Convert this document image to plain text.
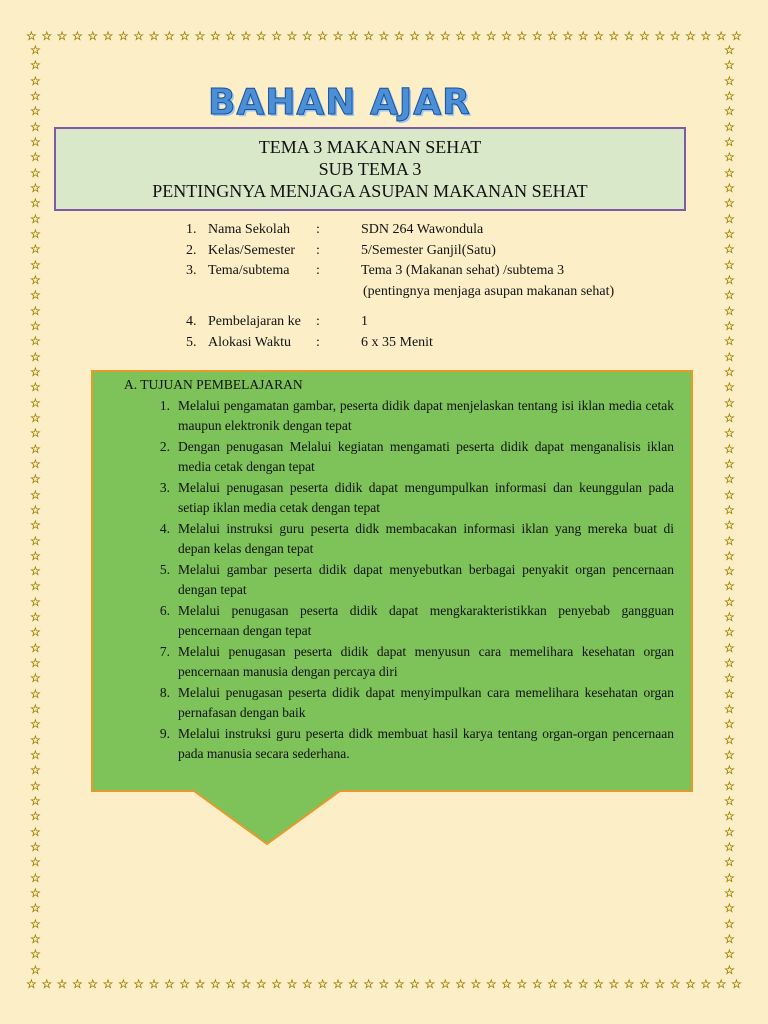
☆ ☆ ☆ ☆ ☆ ☆ ☆ ☆ ☆ ☆ ☆ ☆ ☆ ☆ ☆ ☆ ☆ ☆ ☆ ☆ ☆ ☆ ☆ ☆ ☆ ☆ ☆ ☆ ☆ ☆ ☆ ☆ ☆ ☆ ☆ ☆ ☆ ☆ ☆ ☆ ☆ ☆ ☆ ☆ ☆ ☆ ☆
☆ ☆ ☆ ☆ ☆ ☆ ☆ ☆ ☆ ☆ ☆ ☆ ☆ ☆ ☆ ☆ ☆ ☆ ☆ ☆ ☆ ☆ ☆ ☆ ☆ ☆ ☆ ☆ ☆ ☆ ☆ ☆ ☆ ☆ ☆ ☆ ☆ ☆ ☆ ☆ ☆ ☆ ☆ ☆ ☆ ☆ ☆
☆
☆
☆
☆
☆
☆
☆
☆
☆
☆
☆
☆
☆
☆
☆
☆
☆
☆
☆
☆
☆
☆
☆
☆
☆
☆
☆
☆
☆
☆
☆
☆
☆
☆
☆
☆
☆
☆
☆
☆
☆
☆
☆
☆
☆
☆
☆
☆
☆
☆
☆
☆
☆
☆
☆
☆
☆
☆
☆
☆
☆
☆
☆
☆
☆
☆
☆
☆
☆
☆
☆
☆
☆
☆
☆
☆
☆
☆
☆
☆
☆
☆
☆
☆
☆
☆
☆
☆
☆
☆
☆
☆
☆
☆
☆
☆
☆
☆
☆
☆
☆
☆
☆
☆
☆
☆
☆
☆
☆
☆
☆
☆
☆
☆
☆
☆
☆
☆
☆
☆
☆
☆
BAHAN AJAR
TEMA 3 MAKANAN SEHAT
SUB TEMA 3
PENTINGNYA MENJAGA ASUPAN MAKANAN SEHAT
1. Nama Sekolah	:	SDN 264 Wawondula
2. Kelas/Semester	:	5/Semester Ganjil(Satu)
3. Tema/subtema	:	Tema 3 (Makanan sehat) /subtema 3
(pentingnya menjaga asupan makanan sehat)
4. Pembelajaran ke	:	1
5. Alokasi Waktu	:	6 x 35 Menit
A. TUJUAN PEMBELAJARAN
1. Melalui pengamatan gambar, peserta didik dapat menjelaskan tentang isi iklan media cetak maupun elektronik dengan tepat
2. Dengan penugasan Melalui kegiatan mengamati peserta didik dapat menganalisis iklan media cetak dengan tepat
3. Melalui penugasan peserta didik dapat mengumpulkan informasi dan keunggulan pada setiap iklan media cetak dengan tepat
4. Melalui instruksi guru peserta didk membacakan informasi iklan yang mereka buat di depan kelas dengan tepat
5. Melalui gambar peserta didik dapat menyebutkan berbagai penyakit organ pencernaan dengan tepat
6. Melalui penugasan peserta didik dapat mengkarakteristikkan penyebab gangguan pencernaan dengan tepat
7. Melalui penugasan peserta didik dapat menyusun cara memelihara kesehatan organ pencernaan manusia dengan percaya diri
8. Melalui penugasan peserta didik dapat menyimpulkan cara memelihara kesehatan organ pernafasan dengan baik
9. Melalui instruksi guru peserta didk membuat hasil karya tentang organ-organ pencernaan pada manusia secara sederhana.
